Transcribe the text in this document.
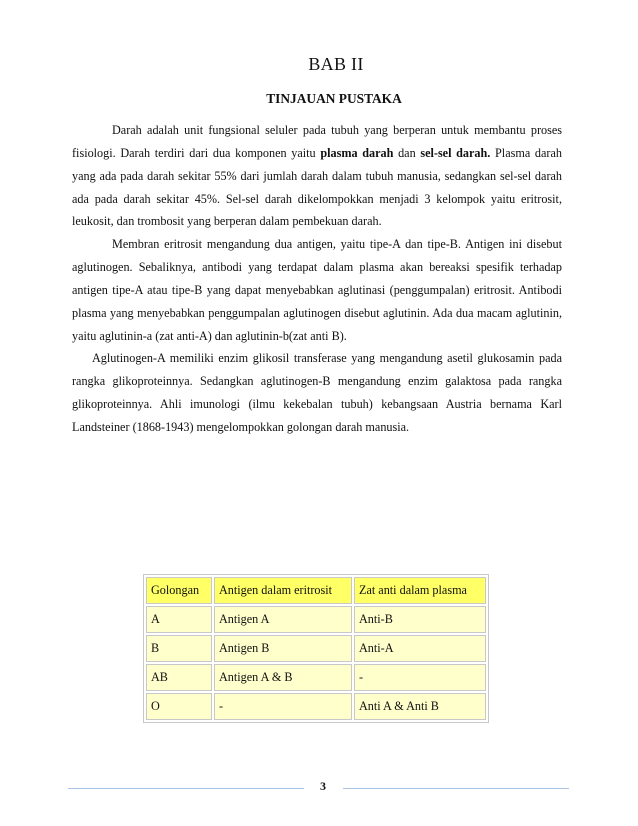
BAB II
TINJAUAN PUSTAKA

Darah adalah unit fungsional seluler pada tubuh yang berperan untuk membantu proses fisiologi. Darah terdiri dari dua komponen yaitu plasma darah dan sel-sel darah. Plasma darah yang ada pada darah sekitar 55% dari jumlah darah dalam tubuh manusia, sedangkan sel-sel darah ada pada darah sekitar 45%. Sel-sel darah dikelompokkan menjadi 3 kelompok yaitu eritrosit, leukosit, dan trombosit yang berperan dalam pembekuan darah.

Membran eritrosit mengandung dua antigen, yaitu tipe-A dan tipe-B. Antigen ini disebut aglutinogen. Sebaliknya, antibodi yang terdapat dalam plasma akan bereaksi spesifik terhadap antigen tipe-A atau tipe-B yang dapat menyebabkan aglutinasi (penggumpalan) eritrosit. Antibodi plasma yang menyebabkan penggumpalan aglutinogen disebut aglutinin. Ada dua macam aglutinin, yaitu aglutinin-a (zat anti-A) dan aglutinin-b(zat anti B).

Aglutinogen-A memiliki enzim glikosil transferase yang mengandung asetil glukosamin pada rangka glikoproteinnya. Sedangkan aglutinogen-B mengandung enzim galaktosa pada rangka glikoproteinnya. Ahli imunologi (ilmu kekebalan tubuh) kebangsaan Austria bernama Karl Landsteiner (1868-1943) mengelompokkan golongan darah manusia.

Golongan	Antigen dalam eritrosit	Zat anti dalam plasma
A	Antigen A	Anti-B
B	Antigen B	Anti-A
AB	Antigen A & B	-
O	-	Anti A & Anti B
3
